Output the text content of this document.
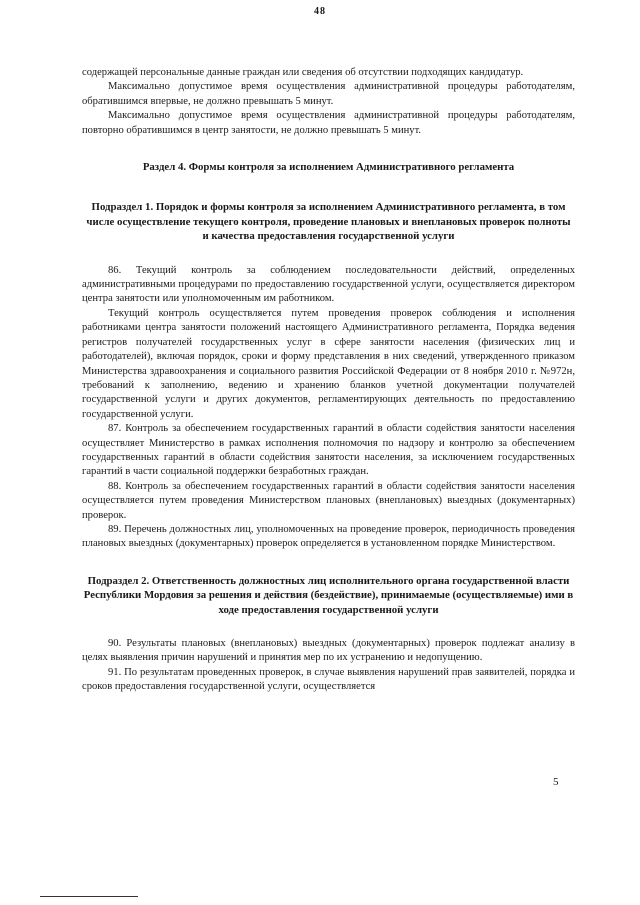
48

содержащей персональные данные граждан или сведения об отсутствии подходящих кандидатур.

Максимально допустимое время осуществления административной процедуры работодателям, обратившимся впервые, не должно превышать 5 минут.

Максимально допустимое время осуществления административной процедуры работодателям, повторно обратившимся в центр занятости, не должно превышать 5 минут.

Раздел 4. Формы контроля за исполнением Административного регламента

Подраздел 1. Порядок и формы контроля за исполнением Административного регламента, в том числе осуществление текущего контроля, проведение плановых и внеплановых проверок полноты и качества предоставления государственной услуги

86. Текущий контроль за соблюдением последовательности действий, определенных административными процедурами по предоставлению государственной услуги, осуществляется директором центра занятости или уполномоченным им работником.

Текущий контроль осуществляется путем проведения проверок соблюдения и исполнения работниками центра занятости положений настоящего Административного регламента, Порядка ведения регистров получателей государственных услуг в сфере занятости населения (физических лиц и работодателей), включая порядок, сроки и форму представления в них сведений, утвержденного приказом Министерства здравоохранения и социального развития Российской Федерации от 8 ноября 2010 г. №972н, требований к заполнению, ведению и хранению бланков учетной документации получателей государственной услуги и других документов, регламентирующих деятельность по предоставлению государственной услуги.

87. Контроль за обеспечением государственных гарантий в области содействия занятости населения осуществляет Министерство в рамках исполнения полномочия по надзору и контролю за обеспечением государственных гарантий в области содействия занятости населения, за исключением государственных гарантий в части социальной поддержки безработных граждан.

88. Контроль за обеспечением государственных гарантий в области содействия занятости населения осуществляется путем проведения Министерством плановых (внеплановых) выездных (документарных) проверок.

89. Перечень должностных лиц, уполномоченных на проведение проверок, периодичность проведения плановых выездных (документарных) проверок определяется в установленном порядке Министерством.

Подраздел 2. Ответственность должностных лиц исполнительного органа государственной власти Республики Мордовия за решения и действия (бездействие), принимаемые (осуществляемые) ими в ходе предоставления государственной услуги

90. Результаты плановых (внеплановых) выездных (документарных) проверок подлежат анализу в целях выявления причин нарушений и принятия мер по их устранению и недопущению.

91. По результатам проведенных проверок, в случае выявления нарушений прав заявителей, порядка и сроков предоставления государственной услуги, осуществляется

5
